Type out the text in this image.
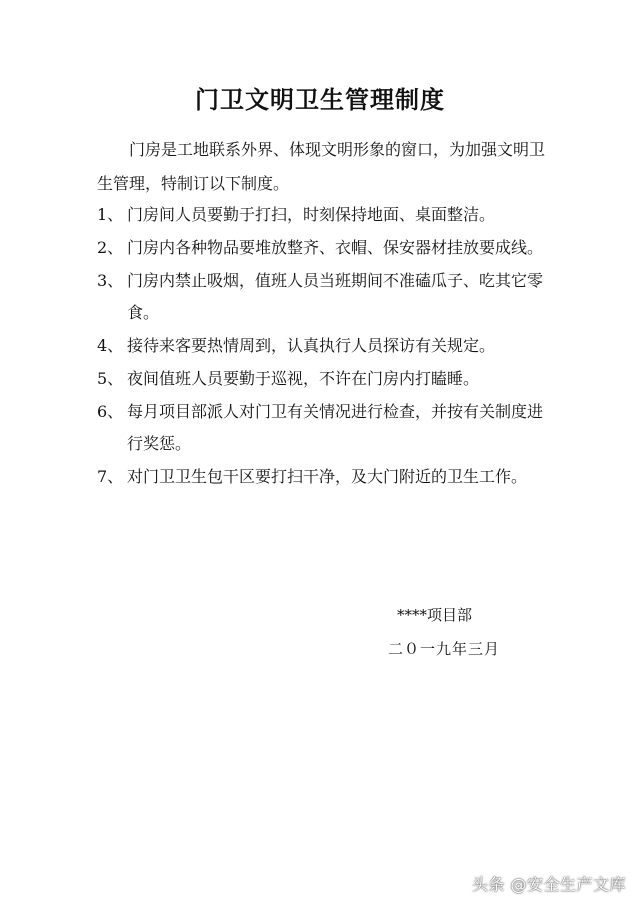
门卫文明卫生管理制度
门房是工地联系外界、体现文明形象的窗口，为加强文明卫生管理，特制订以下制度。
1、 门房间人员要勤于打扫，时刻保持地面、桌面整洁。
2、 门房内各种物品要堆放整齐、衣帽、保安器材挂放要成线。
3、 门房内禁止吸烟，值班人员当班期间不准磕瓜子、吃其它零食。
4、 接待来客要热情周到，认真执行人员探访有关规定。
5、 夜间值班人员要勤于巡视，不许在门房内打瞌睡。
6、 每月项目部派人对门卫有关情况进行检查，并按有关制度进行奖惩。
7、 对门卫卫生包干区要打扫干净，及大门附近的卫生工作。
****项目部
二０一九年三月
头条 @安全生产文库
